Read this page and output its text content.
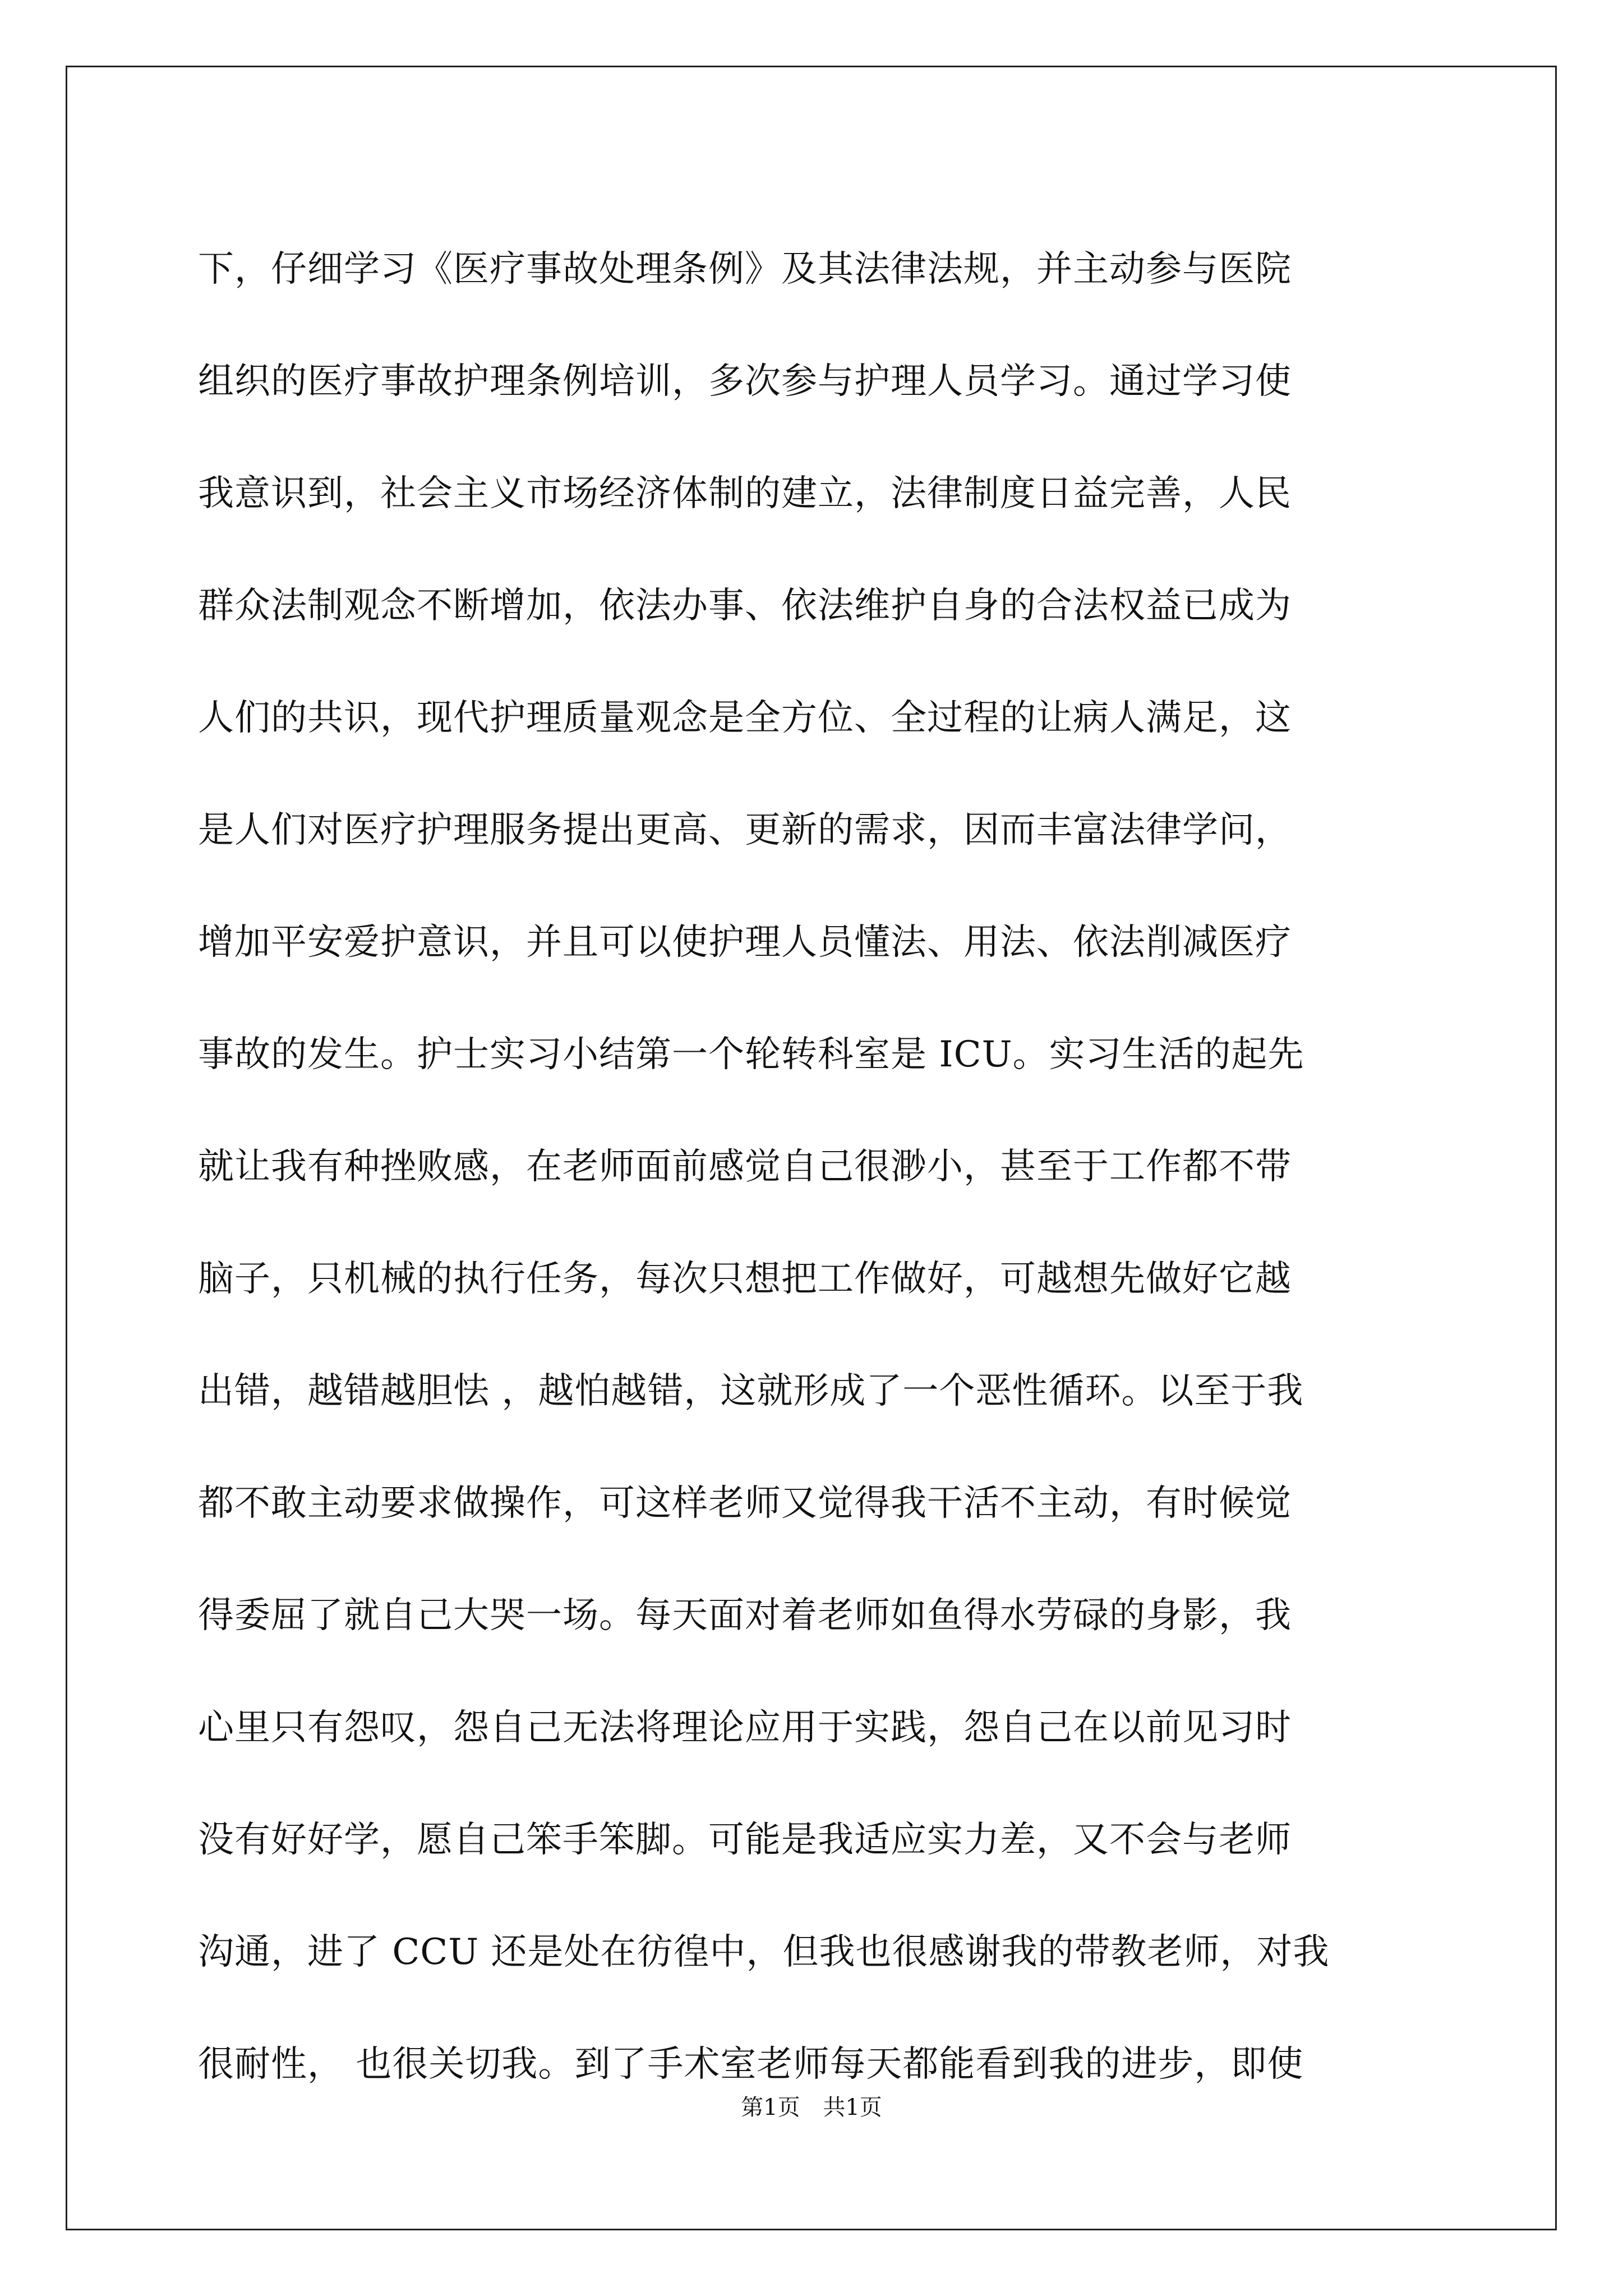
下，仔细学习《医疗事故处理条例》及其法律法规，并主动参与医院
组织的医疗事故护理条例培训，多次参与护理人员学习。通过学习使
我意识到，社会主义市场经济体制的建立，法律制度日益完善，人民
群众法制观念不断增加，依法办事、依法维护自身的合法权益已成为
人们的共识，现代护理质量观念是全方位、全过程的让病人满足，这
是人们对医疗护理服务提出更高、更新的需求，因而丰富法律学问，
增加平安爱护意识，并且可以使护理人员懂法、用法、依法削减医疗
事故的发生。护士实习小结第一个轮转科室是 ICU。实习生活的起先
就让我有种挫败感，在老师面前感觉自己很渺小，甚至于工作都不带
脑子，只机械的执行任务，每次只想把工作做好，可越想先做好它越
出错，越错越胆怯 ，越怕越错，这就形成了一个恶性循环。以至于我
都不敢主动要求做操作，可这样老师又觉得我干活不主动，有时候觉
得委屈了就自己大哭一场。每天面对着老师如鱼得水劳碌的身影，我
心里只有怨叹，怨自己无法将理论应用于实践，怨自己在以前见习时
没有好好学，愿自己笨手笨脚。可能是我适应实力差，又不会与老师
沟通，进了 CCU 还是处在彷徨中，但我也很感谢我的带教老师，对我
很耐性， 也很关切我。到了手术室老师每天都能看到我的进步，即使
第1页 共1页
